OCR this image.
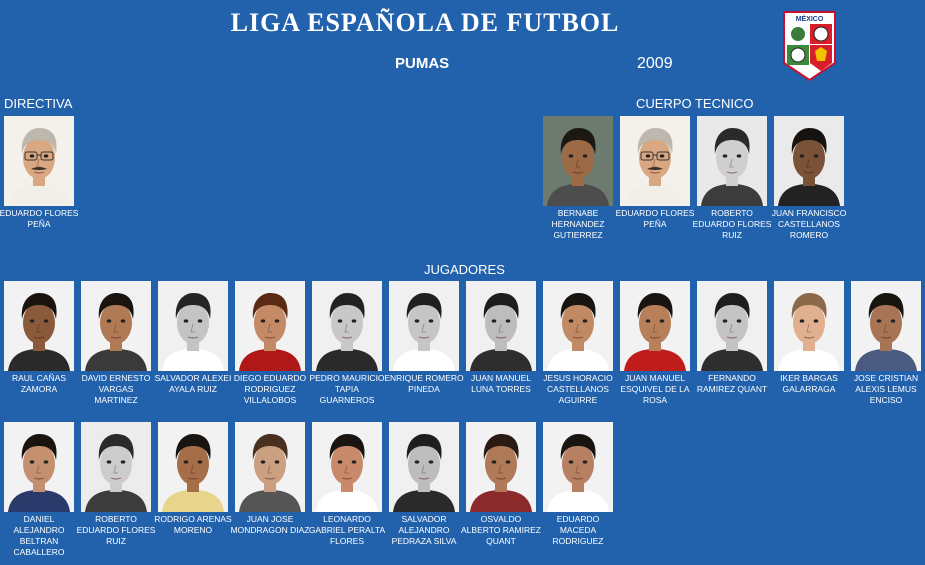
LIGA ESPAÑOLA DE FUTBOL
PUMAS	2009
MÉXICO
DIRECTIVA	CUERPO TECNICO
JUGADORES
EDUARDO FLORES PEÑA
BERNABE HERNANDEZ GUTIERREZ
EDUARDO FLORES PEÑA
ROBERTO EDUARDO FLORES RUIZ
JUAN FRANCISCO CASTELLANOS ROMERO
RAUL CAÑAS ZAMORA
DAVID ERNESTO VARGAS MARTINEZ
SALVADOR ALEXEI AYALA RUIZ
DIEGO EDUARDO RODRIGUEZ VILLALOBOS
PEDRO MAURICIO TAPIA GUARNEROS
ENRIQUE ROMERO PINEDA
JUAN MANUEL LUNA TORRES
JESUS HORACIO CASTELLANOS AGUIRRE
JUAN MANUEL ESQUIVEL DE LA ROSA
FERNANDO RAMIREZ QUANT
IKER BARGAS GALARRAGA
JOSE CRISTIAN ALEXIS LEMUS ENCISO
DANIEL ALEJANDRO BELTRAN CABALLERO
ROBERTO EDUARDO FLORES RUIZ
RODRIGO ARENAS MORENO
JUAN JOSE MONDRAGON DIAZ
LEONARDO GABRIEL PERALTA FLORES
SALVADOR ALEJANDRO PEDRAZA SILVA
OSVALDO ALBERTO RAMIREZ QUANT
EDUARDO MACEDA RODRIGUEZ
